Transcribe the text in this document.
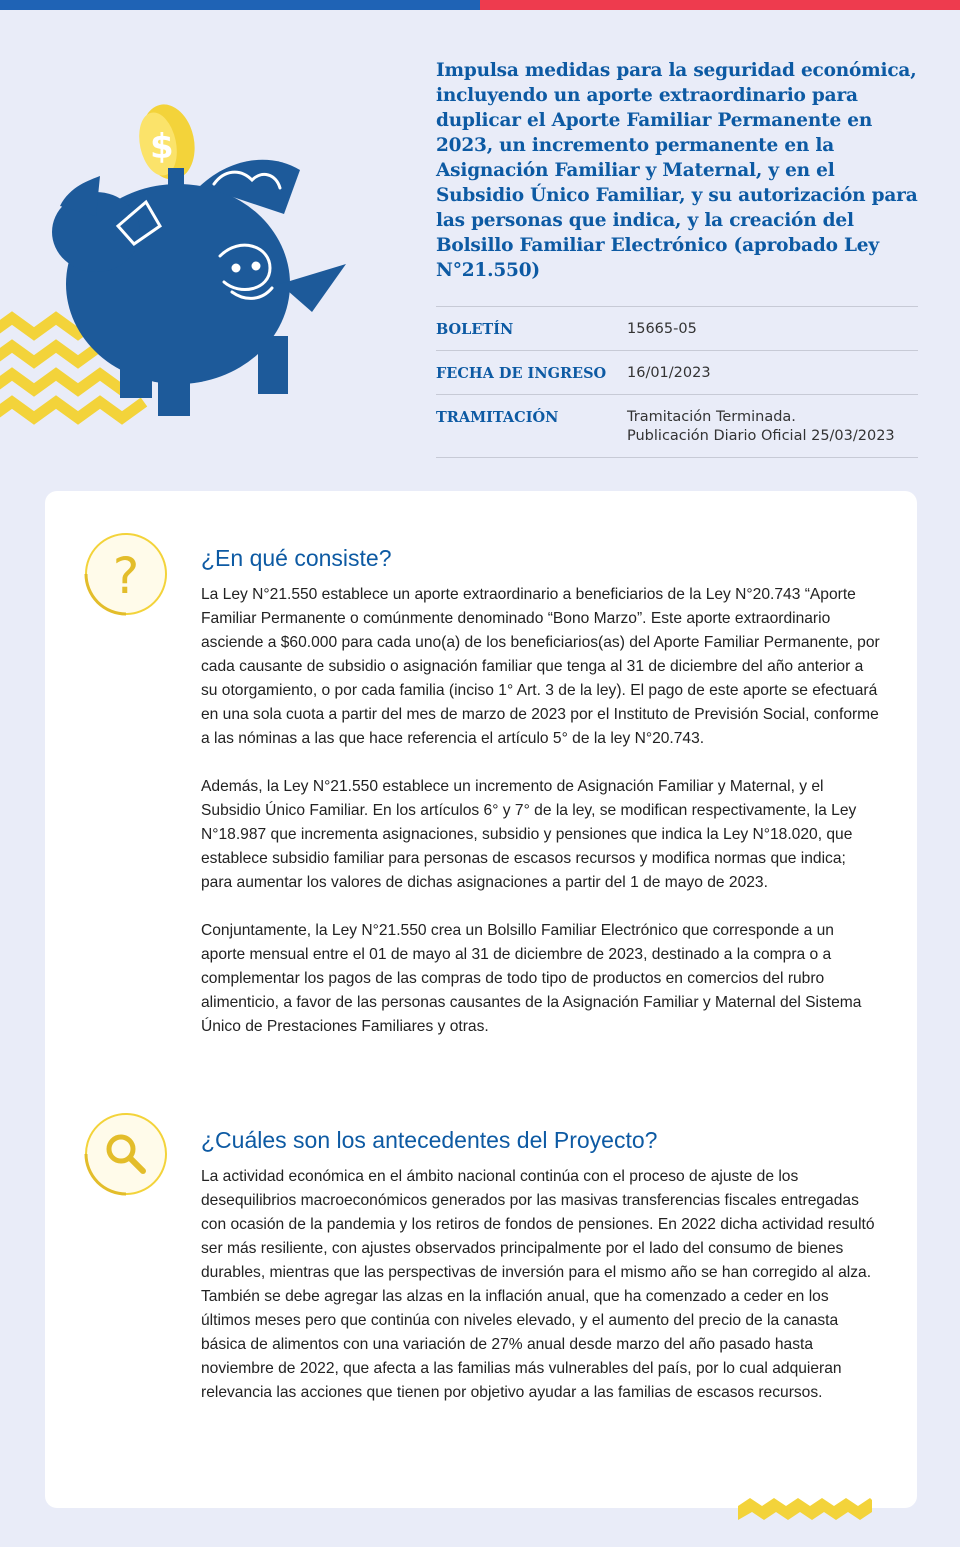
$
Impulsa medidas para la seguridad económica, incluyendo un aporte extraordinario para duplicar el Aporte Familiar Permanente en 2023, un incremento permanente en la Asignación Familiar y Maternal, y en el Subsidio Único Familiar, y su autorización para las personas que indica, y la creación del Bolsillo Familiar Electrónico (aprobado Ley N°21.550)
BOLETÍN	15665-05
FECHA DE INGRESO	16/01/2023
TRAMITACIÓN	Tramitación Terminada.
Publicación Diario Oficial 25/03/2023
?	¿En qué consiste?

La Ley N°21.550 establece un aporte extraordinario a beneficiarios de la Ley N°20.743 “Aporte Familiar Permanente o comúnmente denominado “Bono Marzo”. Este aporte extraordinario asciende a $60.000 para cada uno(a) de los beneficiarios(as) del Aporte Familiar Permanente, por cada causante de subsidio o asignación familiar que tenga al 31 de diciembre del año anterior a su otorgamiento, o por cada familia (inciso 1° Art. 3 de la ley). El pago de este aporte se efectuará en una sola cuota a partir del mes de marzo de 2023 por el Instituto de Previsión Social, conforme a las nóminas a las que hace referencia el artículo 5° de la ley N°20.743.

Además, la Ley N°21.550 establece un incremento de Asignación Familiar y Maternal, y el Subsidio Único Familiar. En los artículos 6° y 7° de la ley, se modifican respectivamente, la Ley N°18.987 que incrementa asignaciones, subsidio y pensiones que indica la Ley N°18.020, que establece subsidio familiar para personas de escasos recursos y modifica normas que indica; para aumentar los valores de dichas asignaciones a partir del 1 de mayo de 2023.

Conjuntamente, la Ley N°21.550 crea un Bolsillo Familiar Electrónico que corresponde a un aporte mensual entre el 01 de mayo al 31 de diciembre de 2023, destinado a la compra o a complementar los pagos de las compras de todo tipo de productos en comercios del rubro alimenticio, a favor de las personas causantes de la Asignación Familiar y Maternal del Sistema Único de Prestaciones Familiares y otras.

¿Cuáles son los antecedentes del Proyecto?

La actividad económica en el ámbito nacional continúa con el proceso de ajuste de los desequilibrios macroeconómicos generados por las masivas transferencias fiscales entregadas con ocasión de la pandemia y los retiros de fondos de pensiones. En 2022 dicha actividad resultó ser más resiliente, con ajustes observados principalmente por el lado del consumo de bienes durables, mientras que las perspectivas de inversión para el mismo año se han corregido al alza. También se debe agregar las alzas en la inflación anual, que ha comenzado a ceder en los últimos meses pero que continúa con niveles elevado, y el aumento del precio de la canasta básica de alimentos con una variación de 27% anual desde marzo del año pasado hasta noviembre de 2022, que afecta a las familias más vulnerables del país, por lo cual adquieran relevancia las acciones que tienen por objetivo ayudar a las familias de escasos recursos.
